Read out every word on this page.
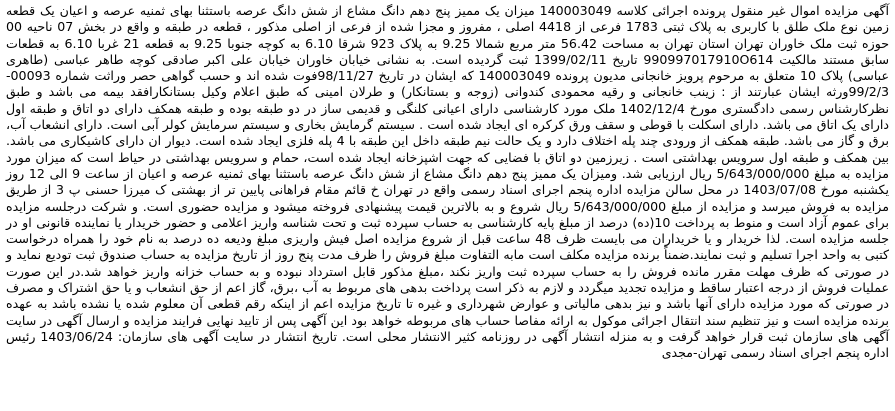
آگهی مزایده اموال غیر منقول پرونده اجرائی کلاسه 140003049 میزان یک ممیز پنج دهم دانگ مشاع از شش دانگ عرصه باستثنا بهای ثمنیه عرصه و اعیان یک قطعه زمین نوع ملک طلق با کاربری به پلاک ثبتی 1783 فرعی از 4418 اصلی ، مفروز و مجزا شده از فرعی از اصلی مذکور ، قطعه در طبقه و واقع در بخش 07 ناحیه 00 حوزه ثبت ملک خاوران تهران استان تهران به مساحت 56.42 متر مربع شمالا 9.25 به پلاک 923 شرقا 6.10 به کوچه جنوبا 9.25 به قطعه 21 غربا 6.10 به قطعات سابق مستند مالکیت 990997017910O614 تاریخ 1399/02/11 ثبت گردیده است. به نشانی خیابان خاوران خیابان علی اکبر صادقی کوچه طاهر عباسی (طاهری عباسی) پلاک 10 متعلق به مرحوم پرویز خانجانی مدیون پرونده 140003049 که ایشان در تاریخ 98/11/27فوت شده اند و حسب گواهی حصر وراثت شماره 00093-99/2/3ورثه ایشان عبارتند از : زینب خانجانی و رقیه محمودی کندوانی (زوجه و بستانکار) و طرلان امینی که طبق اعلام وکیل بستانکارافقد بیمه می باشد و طبق نظرکارشناس رسمی دادگستری مورخ 1402/12/4 ملک مورد کارشناسی دارای اعیانی کلنگی و قدیمی ساز در دو طبقه بوده و طبقه همکف دارای دو اتاق و طبقه اول دارای یک اتاق می باشد. دارای اسکلت با قوطی و سقف ورق کرکره ای ایجاد شده است . سیستم گرمایش بخاری و سیستم سرمایش کولر آبی است. دارای انشعاب آب، برق و گاز می باشد. طبقه همکف از ورودی چند پله اختلاف دارد و یک حالت نیم طبقه داخل این طبقه با 4 پله فلزی ایجاد شده است. دیوار ان دارای کاشیکاری می باشد. بین همکف و طبقه اول سرویس بهداشتی است . زیرزمین دو اتاق با فضایی که جهت اشپزخانه ایجاد شده است، حمام و سرویس بهداشتی در حیاط است که میزان مورد مزایده به مبلغ 5/643/000/000 ریال ارزیابی شد. ومیزان یک ممیز پنج دهم دانگ مشاع از شش دانگ عرصه باستثنا بهای ثمنیه عرصه و اعیان از ساعت 9 الی 12 روز یکشنبه مورخ 1403/07/08 در محل سالن مزایده اداره پنجم اجرای اسناد رسمی واقع در تهران خ قائم مقام فراهانی پایین تر از بهشتی ک میرزا حسنی پ 3 از طریق مزایده به فروش میرسد و مزایده از مبلغ 5/643/000/000 ریال شروع و به بالاترین قیمت پیشنهادی فروخته میشود و مزایده حضوری است. و شرکت درجلسه مزایده برای عموم آزاد است و منوط به پرداخت 10(ده) درصد از مبلغ پایه کارشناسی به حساب سپرده ثبت و تحت شناسه واریز اعلامی و حضور خریدار یا نماینده قانونی او در جلسه مزایده است. لذا خریدار و یا خریداران می بایست ظرف 48 ساعت قبل از شروع مزایده اصل فیش واریزی مبلغ ودیعه ده درصد به نام خود را همراه درخواست کتبی به واحد اجرا تسلیم و ثبت نمایند.ضمناً برنده مزایده مکلف است مابه التفاوت مبلغ فروش را ظرف مدت پنج روز از تاریخ مزایده به حساب صندوق ثبت تودیع نماید و در صورتی که ظرف مهلت مقرر مانده فروش را به حساب سپرده ثبت واریز نکند ،مبلغ مذکور قابل استرداد نبوده و به حساب خزانه واریز خواهد شد.در این صورت عملیات فروش از درجه اعتبار ساقط و مزایده تجدید میگردد و لازم به ذکر است پرداخت بدهی های مربوط به آب ،برق، گاز اعم از حق انشعاب و یا حق اشتراک و مصرف در صورتی که مورد مزایده دارای آنها باشد و نیز بدهی مالیاتی و عوارض شهرداری و غیره تا تاریخ مزایده اعم از اینکه رقم قطعی آن معلوم شده یا نشده باشد به عهده برنده مزایده است و نیز تنظیم سند انتقال اجرائی موکول به ارائه مفاصا حساب های مربوطه خواهد بود این آگهی پس از تایید نهایی فرایند مزایده و ارسال آگهی در سایت آگهی های سازمان ثبت قرار خواهد گرفت و به منزله انتشار آگهی در روزنامه کثیر الانتشار محلی است. تاریخ انتشار در سایت آگهی های سازمان: 1403/06/24 رئیس اداره پنجم اجرای اسناد رسمی تهران-مجدی
